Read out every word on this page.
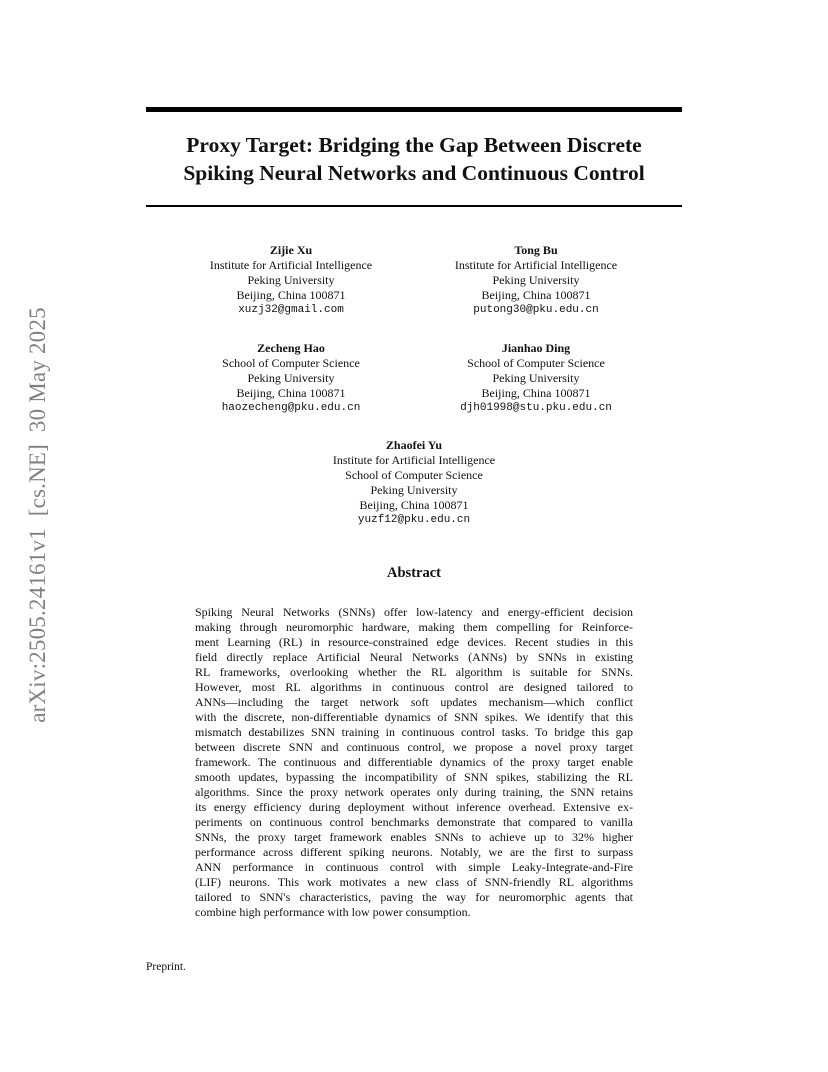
arXiv:2505.24161v1  [cs.NE]  30 May 2025
Proxy Target: Bridging the Gap Between Discrete
Spiking Neural Networks and Continuous Control
Zijie Xu
Institute for Artificial Intelligence
Peking University
Beijing, China 100871
xuzj32@gmail.com
Tong Bu
Institute for Artificial Intelligence
Peking University
Beijing, China 100871
putong30@pku.edu.cn
Zecheng Hao
School of Computer Science
Peking University
Beijing, China 100871
haozecheng@pku.edu.cn
Jianhao Ding
School of Computer Science
Peking University
Beijing, China 100871
djh01998@stu.pku.edu.cn
Zhaofei Yu
Institute for Artificial Intelligence
School of Computer Science
Peking University
Beijing, China 100871
yuzf12@pku.edu.cn
Abstract
Spiking Neural Networks (SNNs) offer low-latency and energy-efficient decision
making through neuromorphic hardware, making them compelling for Reinforce-
ment Learning (RL) in resource-constrained edge devices. Recent studies in this
field directly replace Artificial Neural Networks (ANNs) by SNNs in existing
RL frameworks, overlooking whether the RL algorithm is suitable for SNNs.
However, most RL algorithms in continuous control are designed tailored to
ANNs—including the target network soft updates mechanism—which conflict
with the discrete, non-differentiable dynamics of SNN spikes. We identify that this
mismatch destabilizes SNN training in continuous control tasks. To bridge this gap
between discrete SNN and continuous control, we propose a novel proxy target
framework. The continuous and differentiable dynamics of the proxy target enable
smooth updates, bypassing the incompatibility of SNN spikes, stabilizing the RL
algorithms. Since the proxy network operates only during training, the SNN retains
its energy efficiency during deployment without inference overhead. Extensive ex-
periments on continuous control benchmarks demonstrate that compared to vanilla
SNNs, the proxy target framework enables SNNs to achieve up to 32% higher
performance across different spiking neurons. Notably, we are the first to surpass
ANN performance in continuous control with simple Leaky-Integrate-and-Fire
(LIF) neurons. This work motivates a new class of SNN-friendly RL algorithms
tailored to SNN's characteristics, paving the way for neuromorphic agents that
combine high performance with low power consumption.
Preprint.
